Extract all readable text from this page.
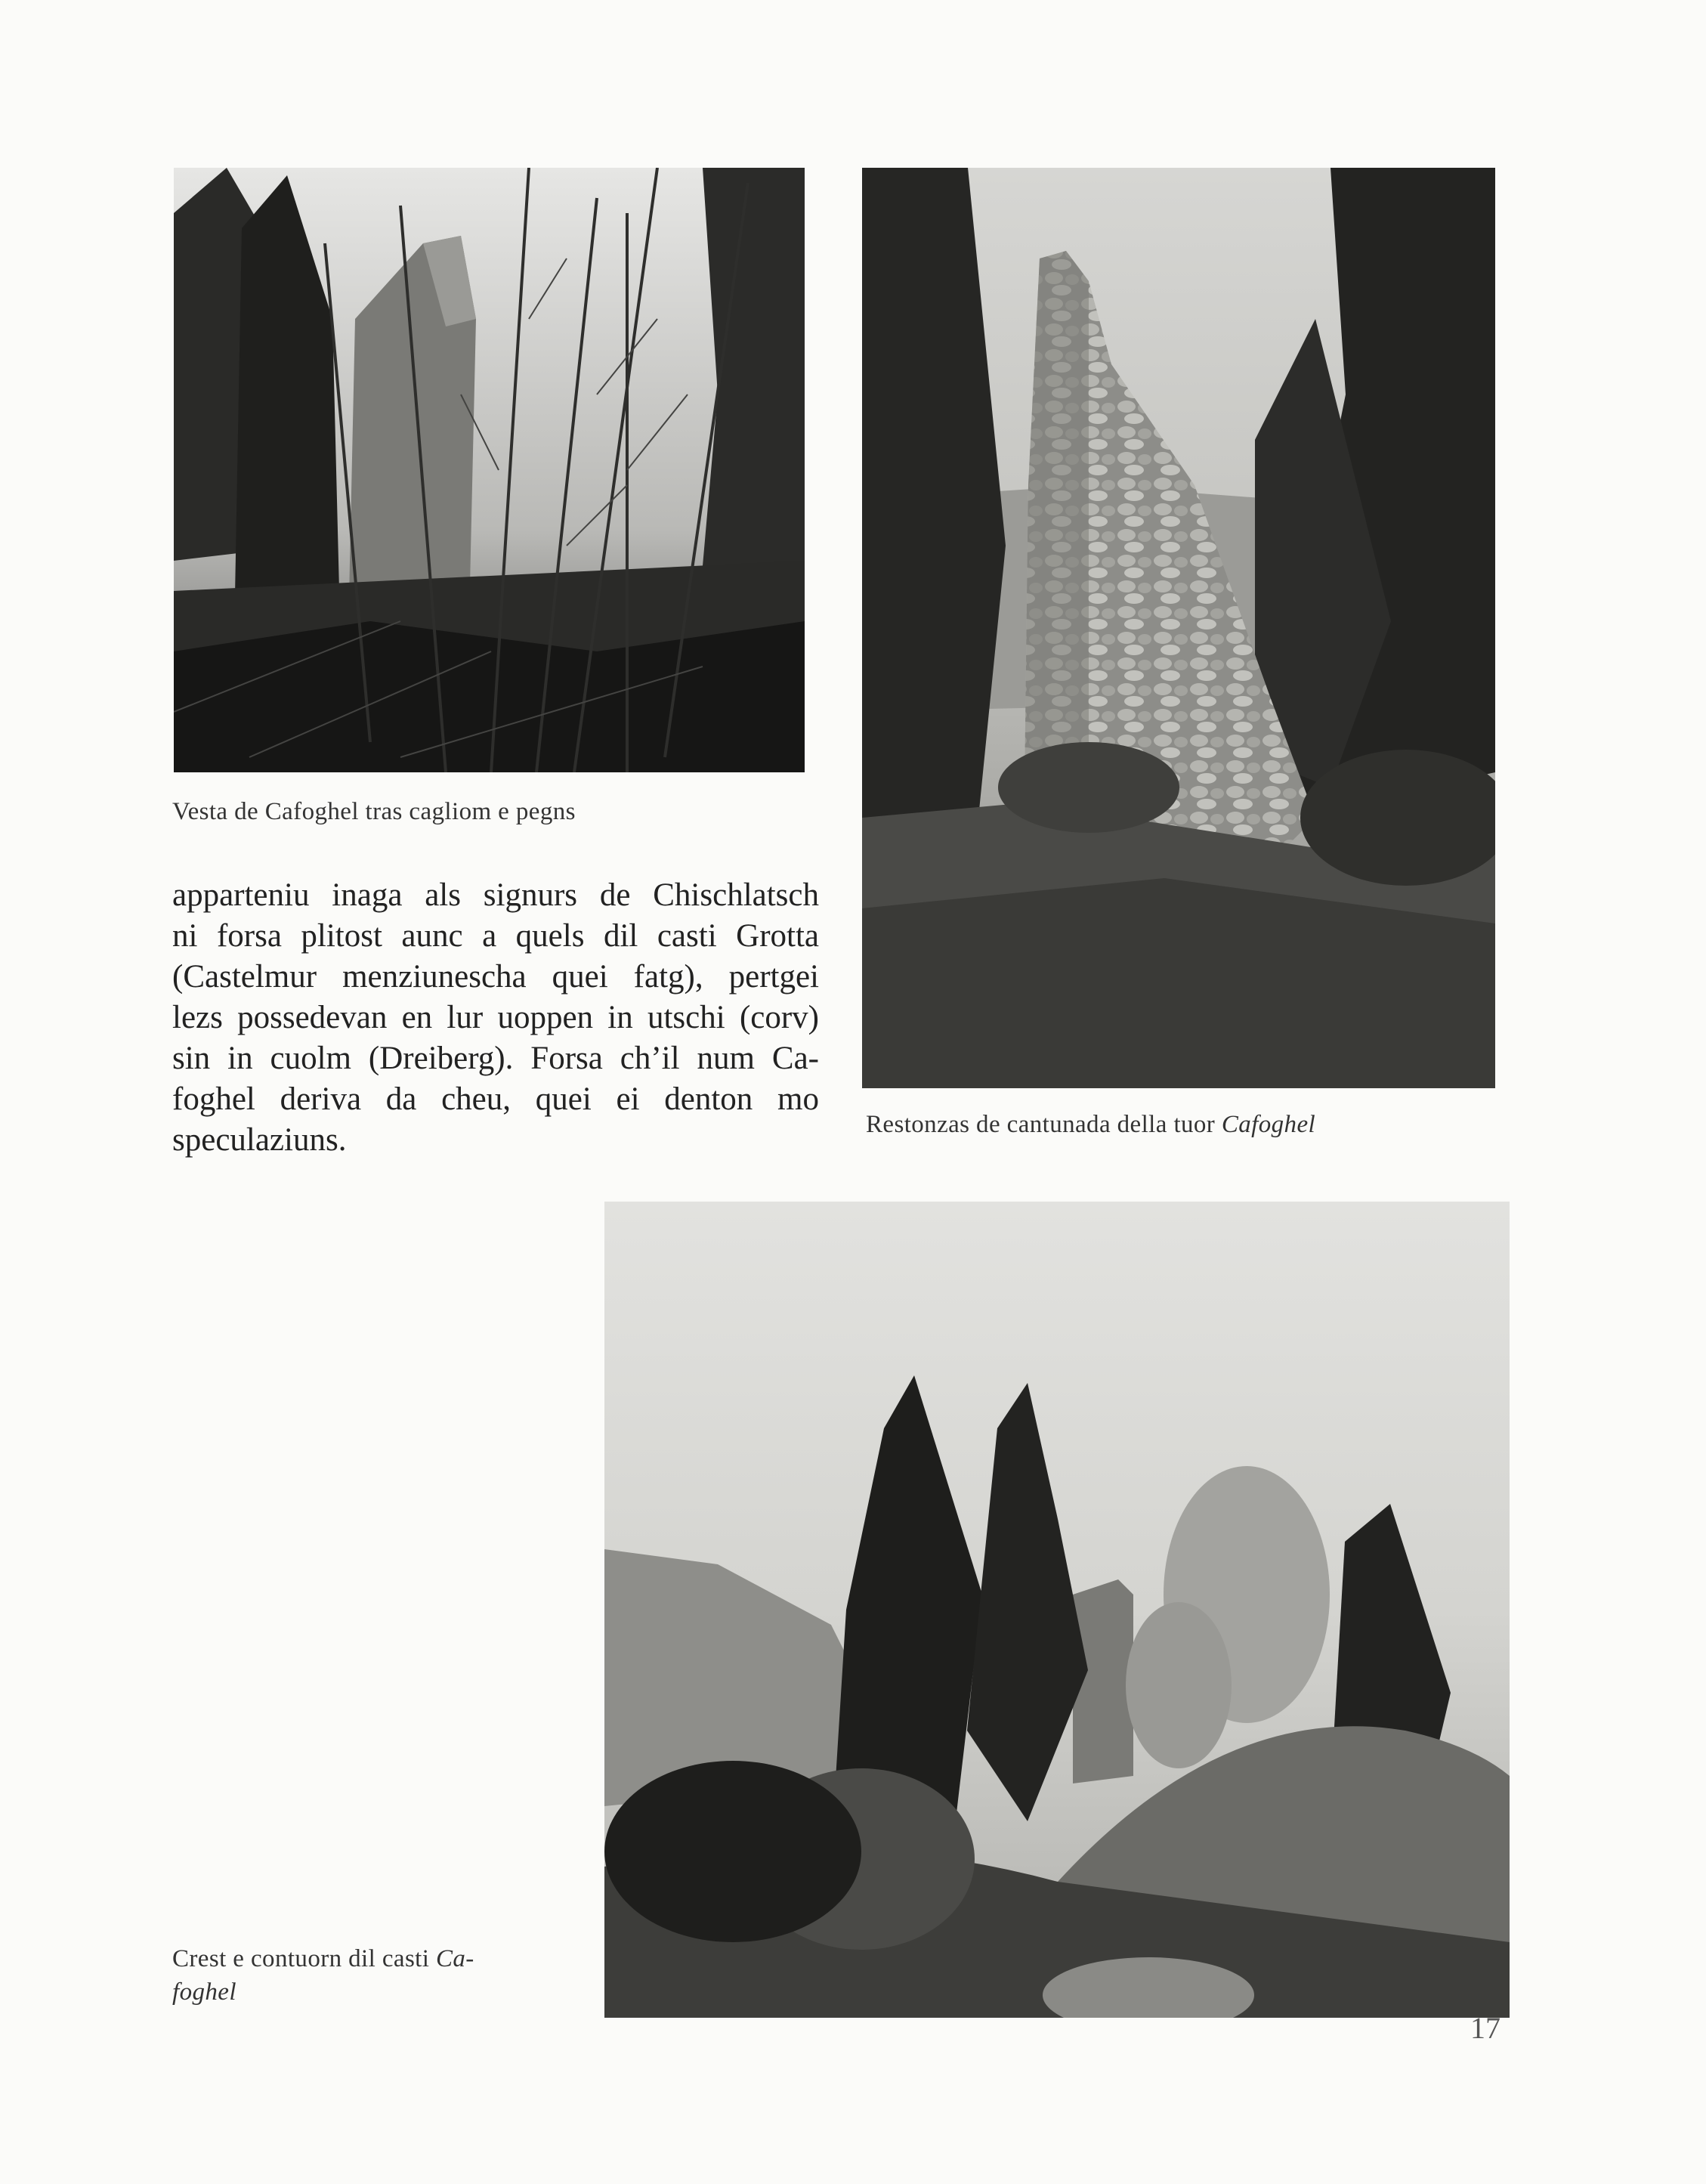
Vesta de Cafoghel tras cagliom e pegns
Restonzas de cantunada della tuor Cafoghel
apparteniu inaga als signurs de Chischlatsch
ni forsa plitost aunc a quels dil casti Grotta
(Castelmur menziunescha quei fatg), pertgei
lezs possedevan en lur uoppen in utschi (corv)
sin in cuolm (Dreiberg). Forsa ch’il num Ca-
foghel deriva da cheu, quei ei denton mo
speculaziuns.
Crest e contuorn dil casti Ca-
foghel
17
